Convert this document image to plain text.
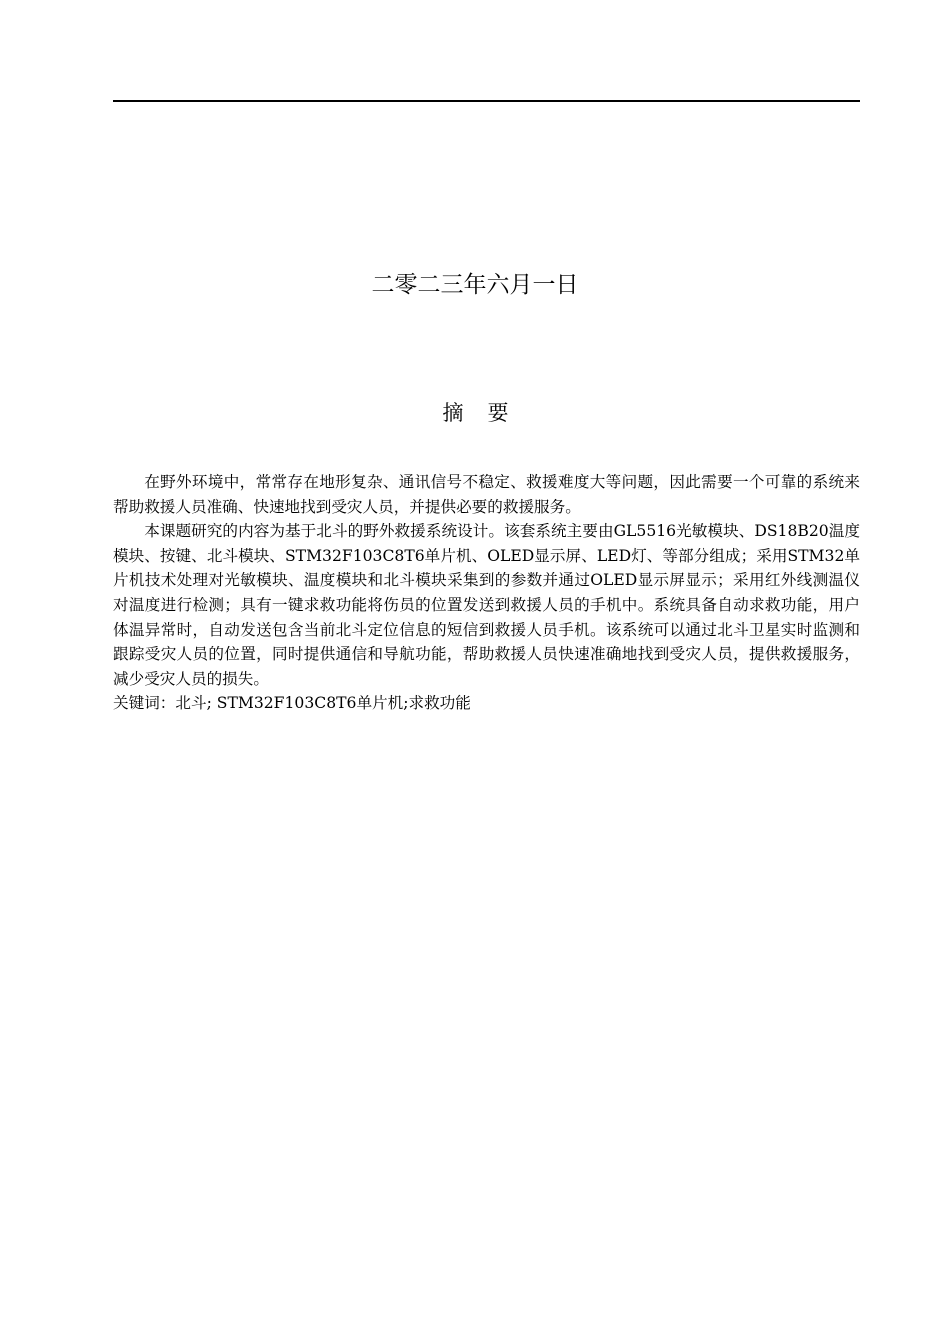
二零二三年六月一日
摘要

在野外环境中，常常存在地形复杂、通讯信号不稳定、救援难度大等问题，因此需要一个可靠的系统来帮助救援人员准确、快速地找到受灾人员，并提供必要的救援服务。

本课题研究的内容为基于北斗的野外救援系统设计。该套系统主要由GL5516光敏模块、DS18B20温度模块、按键、北斗模块、STM32F103C8T6单片机、OLED显示屏、LED灯、等部分组成；采用STM32单片机技术处理对光敏模块、温度模块和北斗模块采集到的参数并通过OLED显示屏显示；采用红外线测温仪对温度进行检测；具有一键求救功能将伤员的位置发送到救援人员的手机中。系统具备自动求救功能，用户体温异常时，自动发送包含当前北斗定位信息的短信到救援人员手机。该系统可以通过北斗卫星实时监测和跟踪受灾人员的位置，同时提供通信和导航功能，帮助救援人员快速准确地找到受灾人员，提供救援服务，减少受灾人员的损失。

关键词：北斗; STM32F103C8T6单片机;求救功能
